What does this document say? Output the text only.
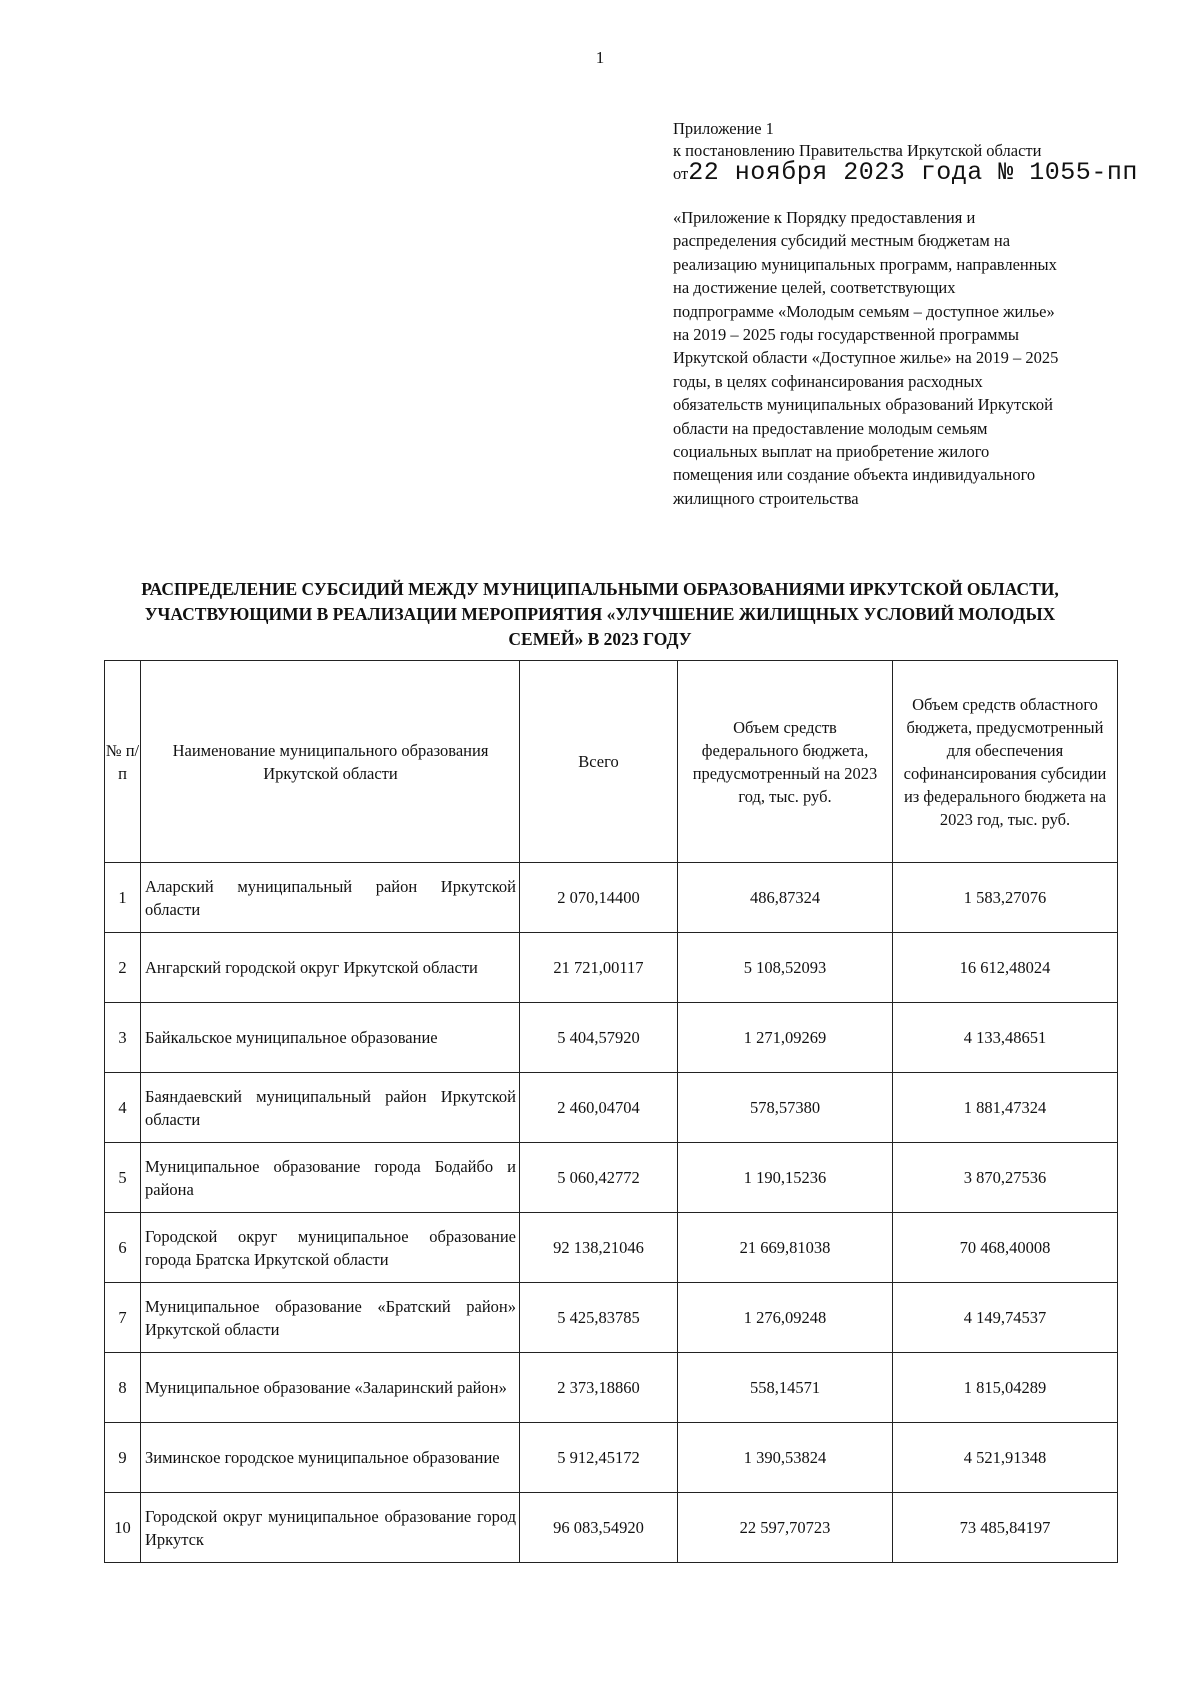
1
Приложение 1
к постановлению Правительства Иркутской области
от22 ноября 2023 года № 1055-пп
«Приложение к Порядку предоставления и
распределения субсидий местным бюджетам на
реализацию муниципальных программ, направленных
на достижение целей, соответствующих
подпрограмме «Молодым семьям – доступное жилье»
на 2019 – 2025 годы государственной программы
Иркутской области «Доступное жилье» на 2019 – 2025
годы, в целях софинансирования расходных
обязательств муниципальных образований Иркутской
области на предоставление молодым семьям
социальных выплат на приобретение жилого
помещения или создание объекта индивидуального
жилищного строительства
РАСПРЕДЕЛЕНИЕ СУБСИДИЙ МЕЖДУ МУНИЦИПАЛЬНЫМИ ОБРАЗОВАНИЯМИ ИРКУТСКОЙ ОБЛАСТИ,
УЧАСТВУЮЩИМИ В РЕАЛИЗАЦИИ МЕРОПРИЯТИЯ «УЛУЧШЕНИЕ ЖИЛИЩНЫХ УСЛОВИЙ МОЛОДЫХ
СЕМЕЙ» В 2023 ГОДУ
№ п/п	Наименование муниципального образования Иркутской области	Всего	Объем средств федерального бюджета, предусмотренный на 2023 год, тыс. руб.	Объем средств областного бюджета, предусмотренный для обеспечения софинансирования субсидии из федерального бюджета на 2023 год, тыс. руб.

1	Аларский муниципальный район Иркутской области	2 070,14400	486,87324	1 583,27076
2	Ангарский городской округ Иркутской области	21 721,00117	5 108,52093	16 612,48024
3	Байкальское муниципальное образование	5 404,57920	1 271,09269	4 133,48651
4	Баяндаевский муниципальный район Иркутской области	2 460,04704	578,57380	1 881,47324
5	Муниципальное образование города Бодайбо и района	5 060,42772	1 190,15236	3 870,27536
6	Городской округ муниципальное образование города Братска Иркутской области	92 138,21046	21 669,81038	70 468,40008
7	Муниципальное образование «Братский район» Иркутской области	5 425,83785	1 276,09248	4 149,74537
8	Муниципальное образование «Заларинский район»	2 373,18860	558,14571	1 815,04289
9	Зиминское городское муниципальное образование	5 912,45172	1 390,53824	4 521,91348
10	Городской округ муниципальное образование город Иркутск	96 083,54920	22 597,70723	73 485,84197
